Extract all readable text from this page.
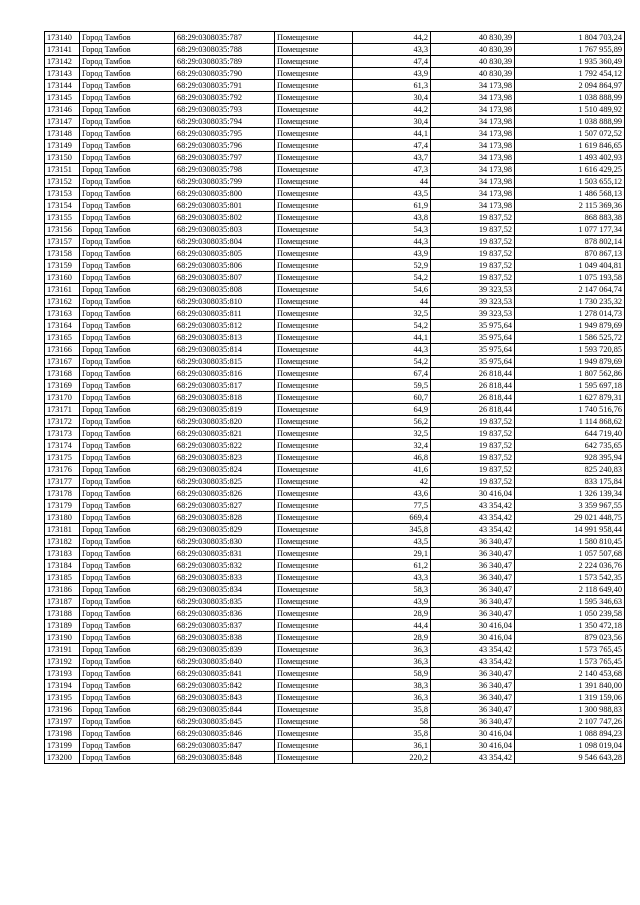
173140	Город Тамбов	68:29:0308035:787	Помещение	44,2	40 830,39	1 804 703,24
173141	Город Тамбов	68:29:0308035:788	Помещение	43,3	40 830,39	1 767 955,89
173142	Город Тамбов	68:29:0308035:789	Помещение	47,4	40 830,39	1 935 360,49
173143	Город Тамбов	68:29:0308035:790	Помещение	43,9	40 830,39	1 792 454,12
173144	Город Тамбов	68:29:0308035:791	Помещение	61,3	34 173,98	2 094 864,97
173145	Город Тамбов	68:29:0308035:792	Помещение	30,4	34 173,98	1 038 888,99
173146	Город Тамбов	68:29:0308035:793	Помещение	44,2	34 173,98	1 510 489,92
173147	Город Тамбов	68:29:0308035:794	Помещение	30,4	34 173,98	1 038 888,99
173148	Город Тамбов	68:29:0308035:795	Помещение	44,1	34 173,98	1 507 072,52
173149	Город Тамбов	68:29:0308035:796	Помещение	47,4	34 173,98	1 619 846,65
173150	Город Тамбов	68:29:0308035:797	Помещение	43,7	34 173,98	1 493 402,93
173151	Город Тамбов	68:29:0308035:798	Помещение	47,3	34 173,98	1 616 429,25
173152	Город Тамбов	68:29:0308035:799	Помещение	44	34 173,98	1 503 655,12
173153	Город Тамбов	68:29:0308035:800	Помещение	43,5	34 173,98	1 486 568,13
173154	Город Тамбов	68:29:0308035:801	Помещение	61,9	34 173,98	2 115 369,36
173155	Город Тамбов	68:29:0308035:802	Помещение	43,8	19 837,52	868 883,38
173156	Город Тамбов	68:29:0308035:803	Помещение	54,3	19 837,52	1 077 177,34
173157	Город Тамбов	68:29:0308035:804	Помещение	44,3	19 837,52	878 802,14
173158	Город Тамбов	68:29:0308035:805	Помещение	43,9	19 837,52	870 867,13
173159	Город Тамбов	68:29:0308035:806	Помещение	52,9	19 837,52	1 049 404,81
173160	Город Тамбов	68:29:0308035:807	Помещение	54,2	19 837,52	1 075 193,58
173161	Город Тамбов	68:29:0308035:808	Помещение	54,6	39 323,53	2 147 064,74
173162	Город Тамбов	68:29:0308035:810	Помещение	44	39 323,53	1 730 235,32
173163	Город Тамбов	68:29:0308035:811	Помещение	32,5	39 323,53	1 278 014,73
173164	Город Тамбов	68:29:0308035:812	Помещение	54,2	35 975,64	1 949 879,69
173165	Город Тамбов	68:29:0308035:813	Помещение	44,1	35 975,64	1 586 525,72
173166	Город Тамбов	68:29:0308035:814	Помещение	44,3	35 975,64	1 593 720,85
173167	Город Тамбов	68:29:0308035:815	Помещение	54,2	35 975,64	1 949 879,69
173168	Город Тамбов	68:29:0308035:816	Помещение	67,4	26 818,44	1 807 562,86
173169	Город Тамбов	68:29:0308035:817	Помещение	59,5	26 818,44	1 595 697,18
173170	Город Тамбов	68:29:0308035:818	Помещение	60,7	26 818,44	1 627 879,31
173171	Город Тамбов	68:29:0308035:819	Помещение	64,9	26 818,44	1 740 516,76
173172	Город Тамбов	68:29:0308035:820	Помещение	56,2	19 837,52	1 114 868,62
173173	Город Тамбов	68:29:0308035:821	Помещение	32,5	19 837,52	644 719,40
173174	Город Тамбов	68:29:0308035:822	Помещение	32,4	19 837,52	642 735,65
173175	Город Тамбов	68:29:0308035:823	Помещение	46,8	19 837,52	928 395,94
173176	Город Тамбов	68:29:0308035:824	Помещение	41,6	19 837,52	825 240,83
173177	Город Тамбов	68:29:0308035:825	Помещение	42	19 837,52	833 175,84
173178	Город Тамбов	68:29:0308035:826	Помещение	43,6	30 416,04	1 326 139,34
173179	Город Тамбов	68:29:0308035:827	Помещение	77,5	43 354,42	3 359 967,55
173180	Город Тамбов	68:29:0308035:828	Помещение	669,4	43 354,42	29 021 448,75
173181	Город Тамбов	68:29:0308035:829	Помещение	345,8	43 354,42	14 991 958,44
173182	Город Тамбов	68:29:0308035:830	Помещение	43,5	36 340,47	1 580 810,45
173183	Город Тамбов	68:29:0308035:831	Помещение	29,1	36 340,47	1 057 507,68
173184	Город Тамбов	68:29:0308035:832	Помещение	61,2	36 340,47	2 224 036,76
173185	Город Тамбов	68:29:0308035:833	Помещение	43,3	36 340,47	1 573 542,35
173186	Город Тамбов	68:29:0308035:834	Помещение	58,3	36 340,47	2 118 649,40
173187	Город Тамбов	68:29:0308035:835	Помещение	43,9	36 340,47	1 595 346,63
173188	Город Тамбов	68:29:0308035:836	Помещение	28,9	36 340,47	1 050 239,58
173189	Город Тамбов	68:29:0308035:837	Помещение	44,4	30 416,04	1 350 472,18
173190	Город Тамбов	68:29:0308035:838	Помещение	28,9	30 416,04	879 023,56
173191	Город Тамбов	68:29:0308035:839	Помещение	36,3	43 354,42	1 573 765,45
173192	Город Тамбов	68:29:0308035:840	Помещение	36,3	43 354,42	1 573 765,45
173193	Город Тамбов	68:29:0308035:841	Помещение	58,9	36 340,47	2 140 453,68
173194	Город Тамбов	68:29:0308035:842	Помещение	38,3	36 340,47	1 391 840,00
173195	Город Тамбов	68:29:0308035:843	Помещение	36,3	36 340,47	1 319 159,06
173196	Город Тамбов	68:29:0308035:844	Помещение	35,8	36 340,47	1 300 988,83
173197	Город Тамбов	68:29:0308035:845	Помещение	58	36 340,47	2 107 747,26
173198	Город Тамбов	68:29:0308035:846	Помещение	35,8	30 416,04	1 088 894,23
173199	Город Тамбов	68:29:0308035:847	Помещение	36,1	30 416,04	1 098 019,04
173200	Город Тамбов	68:29:0308035:848	Помещение	220,2	43 354,42	9 546 643,28
